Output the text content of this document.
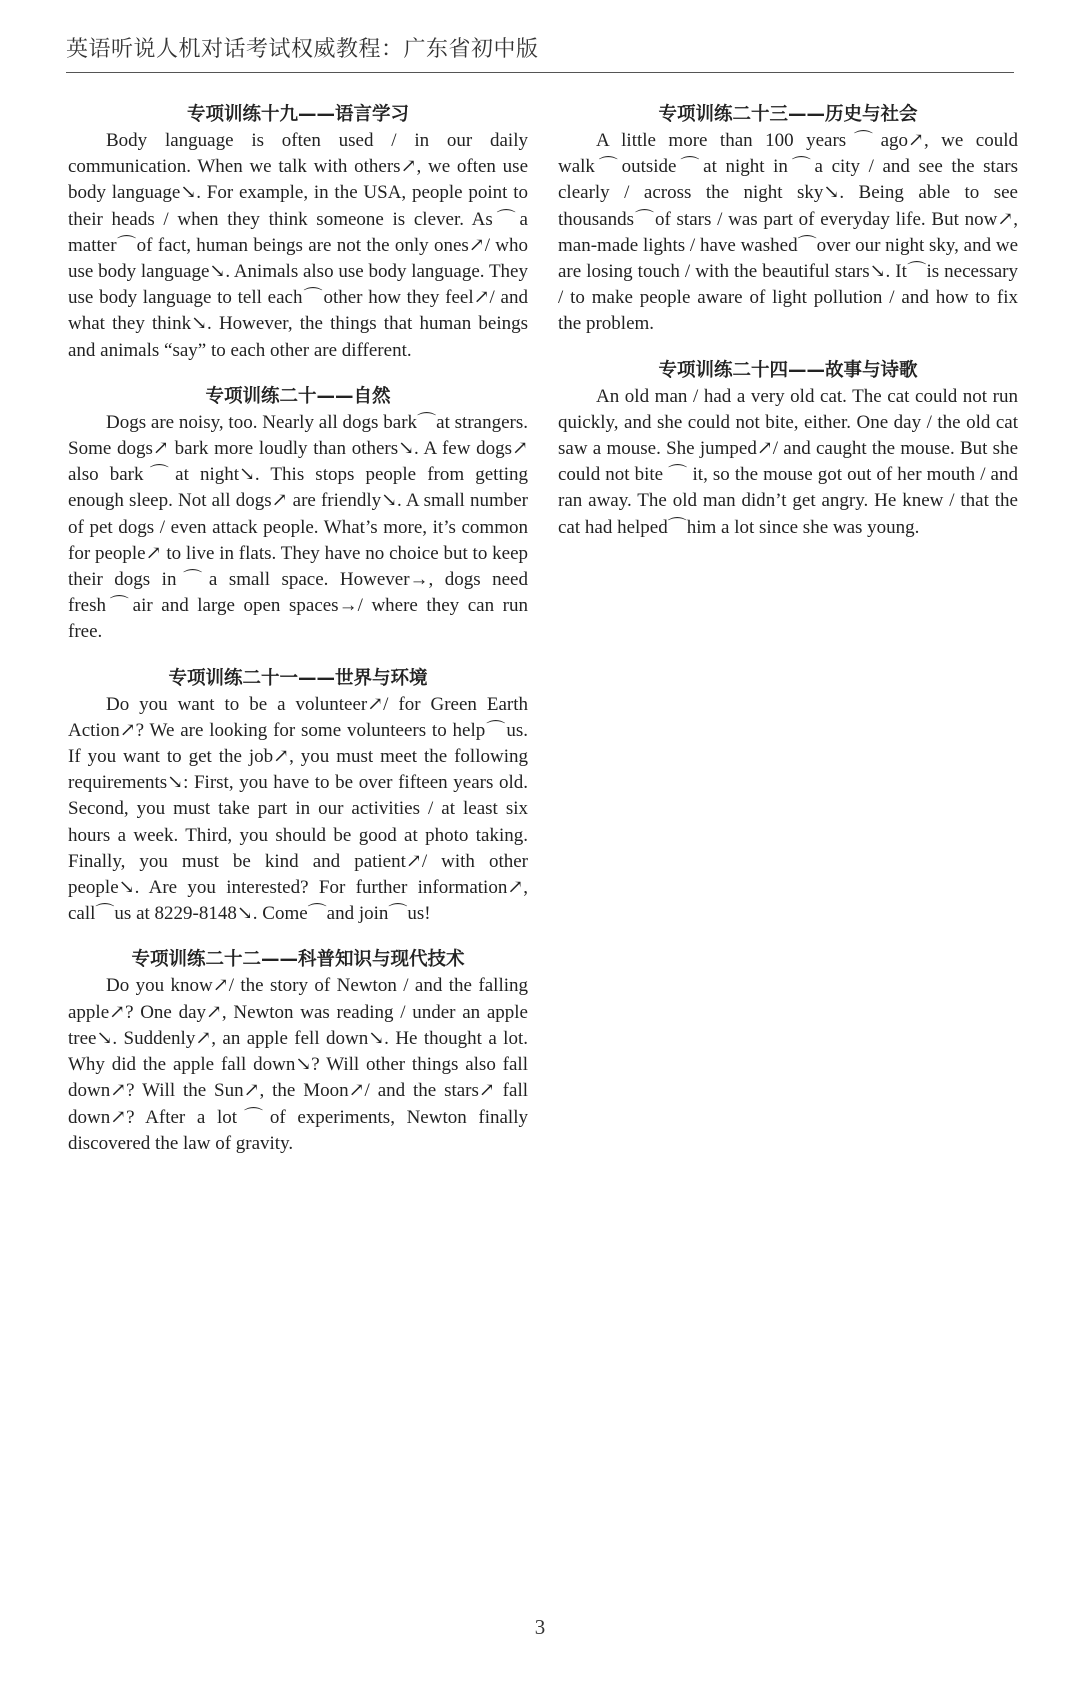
英语听说人机对话考试权威教程：广东省初中版
专项训练十九——语言学习

Body language is often used / in our daily communication. When we talk with others↗, we often use body language↘. For example, in the USA, people point to their heads / when they think someone is clever. As⌒a matter⌒of fact, human beings are not the only ones↗/ who use body language↘. Animals also use body language. They use body language to tell each⌒other how they feel↗/ and what they think↘. However, the things that human beings and animals “say” to each other are different.

专项训练二十——自然

Dogs are noisy, too. Nearly all dogs bark⌒at strangers. Some dogs↗ bark more loudly than others↘. A few dogs↗ also bark⌒at night↘. This stops people from getting enough sleep. Not all dogs↗ are friendly↘. A small number of pet dogs / even attack people. What’s more, it’s common for people↗ to live in flats. They have no choice but to keep their dogs in⌒a small space. However→, dogs need fresh⌒air and large open spaces→/ where they can run free.

专项训练二十一——世界与环境

Do you want to be a volunteer↗/ for Green Earth Action↗? We are looking for some volunteers to help⌒us. If you want to get the job↗, you must meet the following requirements↘: First, you have to be over fifteen years old. Second, you must take part in our activities / at least six hours a week. Third, you should be good at photo taking. Finally, you must be kind and patient↗/ with other people↘. Are you interested? For further information↗, call⌒us at 8229-8148↘. Come⌒and join⌒us!

专项训练二十二——科普知识与现代技术

Do you know↗/ the story of Newton / and the falling apple↗? One day↗, Newton was reading / under an apple tree↘. Suddenly↗, an apple fell down↘. He thought a lot. Why did the apple fall down↘? Will other things also fall down↗? Will the Sun↗, the Moon↗/ and the stars↗ fall down↗? After a lot⌒of experiments, Newton finally discovered the law of gravity.

专项训练二十三——历史与社会

A little more than 100 years⌒ago↗, we could walk⌒outside⌒at night in⌒a city / and see the stars clearly / across the night sky↘. Being able to see thousands⌒of stars / was part of everyday life. But now↗, man-made lights / have washed⌒over our night sky, and we are losing touch / with the beautiful stars↘. It⌒is necessary / to make people aware of light pollution / and how to fix the problem.

专项训练二十四——故事与诗歌

An old man / had a very old cat. The cat could not run quickly, and she could not bite, either. One day / the old cat saw a mouse. She jumped↗/ and caught the mouse. But she could not bite ⌒ it, so the mouse got out of her mouth / and ran away. The old man didn’t get angry. He knew / that the cat had helped⌒him a lot since she was young.

3
